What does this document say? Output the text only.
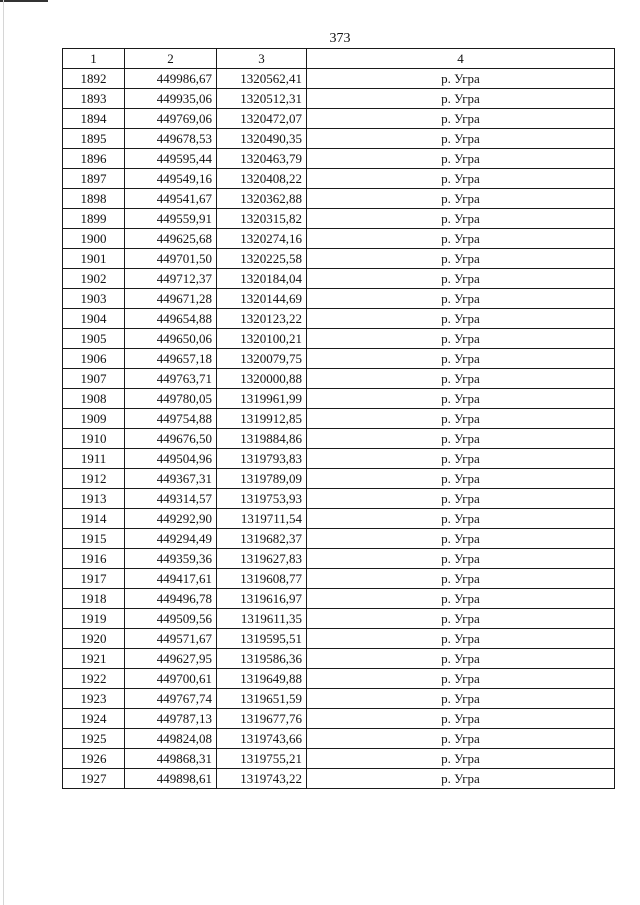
373
1	2	3	4
1892	449986,67	1320562,41	р. Угра
1893	449935,06	1320512,31	р. Угра
1894	449769,06	1320472,07	р. Угра
1895	449678,53	1320490,35	р. Угра
1896	449595,44	1320463,79	р. Угра
1897	449549,16	1320408,22	р. Угра
1898	449541,67	1320362,88	р. Угра
1899	449559,91	1320315,82	р. Угра
1900	449625,68	1320274,16	р. Угра
1901	449701,50	1320225,58	р. Угра
1902	449712,37	1320184,04	р. Угра
1903	449671,28	1320144,69	р. Угра
1904	449654,88	1320123,22	р. Угра
1905	449650,06	1320100,21	р. Угра
1906	449657,18	1320079,75	р. Угра
1907	449763,71	1320000,88	р. Угра
1908	449780,05	1319961,99	р. Угра
1909	449754,88	1319912,85	р. Угра
1910	449676,50	1319884,86	р. Угра
1911	449504,96	1319793,83	р. Угра
1912	449367,31	1319789,09	р. Угра
1913	449314,57	1319753,93	р. Угра
1914	449292,90	1319711,54	р. Угра
1915	449294,49	1319682,37	р. Угра
1916	449359,36	1319627,83	р. Угра
1917	449417,61	1319608,77	р. Угра
1918	449496,78	1319616,97	р. Угра
1919	449509,56	1319611,35	р. Угра
1920	449571,67	1319595,51	р. Угра
1921	449627,95	1319586,36	р. Угра
1922	449700,61	1319649,88	р. Угра
1923	449767,74	1319651,59	р. Угра
1924	449787,13	1319677,76	р. Угра
1925	449824,08	1319743,66	р. Угра
1926	449868,31	1319755,21	р. Угра
1927	449898,61	1319743,22	р. Угра
